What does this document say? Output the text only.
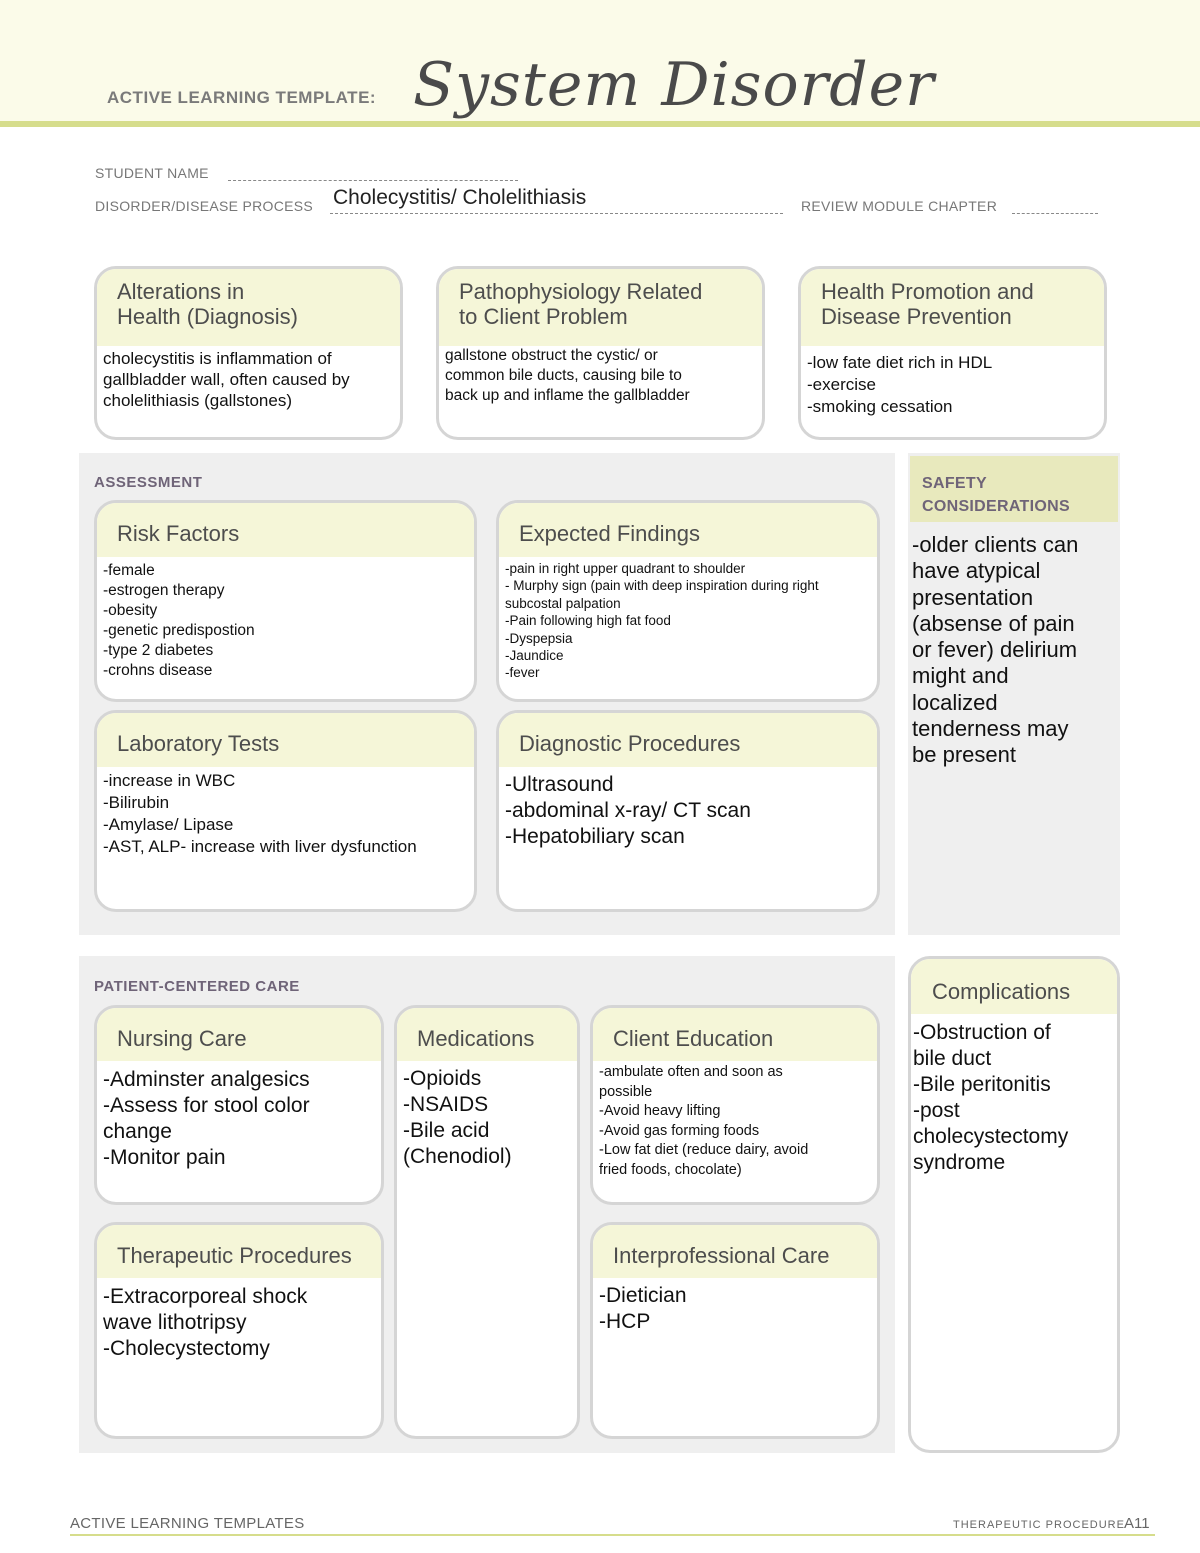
ACTIVE LEARNING TEMPLATE: System Disorder
STUDENT NAME
DISORDER/DISEASE PROCESS Cholecystitis/ Cholelithiasis	REVIEW MODULE CHAPTER
Alterations in
Health (Diagnosis)
cholecystitis is inflammation of
gallbladder wall, often caused by
cholelithiasis (gallstones)
Pathophysiology Related
to Client Problem
gallstone obstruct the cystic/ or
common bile ducts, causing bile to
back up and inflame the gallbladder
Health Promotion and
Disease Prevention
-low fate diet rich in HDL
-exercise
-smoking cessation
ASSESSMENT
Risk Factors
-female
-estrogen therapy
-obesity
-genetic predispostion
-type 2 diabetes
-crohns disease
Expected Findings
-pain in right upper quadrant to shoulder
- Murphy sign (pain with deep inspiration during right
subcostal palpation
-Pain following high fat food
-Dyspepsia
-Jaundice
-fever
Laboratory Tests
-increase in WBC
-Bilirubin
-Amylase/ Lipase
-AST, ALP- increase with liver dysfunction
Diagnostic Procedures
-Ultrasound
-abdominal x-ray/ CT scan
-Hepatobiliary scan
SAFETY
CONSIDERATIONS
-older clients can
have atypical
presentation
(absense of pain
or fever) delirium
might and
localized
tenderness may
be present
PATIENT-CENTERED CARE
Nursing Care
-Adminster analgesics
-Assess for stool color
change
-Monitor pain
Medications
-Opioids
-NSAIDS
-Bile acid
(Chenodiol)
Client Education
-ambulate often and soon as
possible
-Avoid heavy lifting
-Avoid gas forming foods
-Low fat diet (reduce dairy, avoid
fried foods, chocolate)
Therapeutic Procedures
-Extracorporeal shock
wave lithotripsy
-Cholecystectomy
Interprofessional Care
-Dietician
-HCP
Complications
-Obstruction of
bile duct
-Bile peritonitis
-post
cholecystectomy
syndrome
ACTIVE LEARNING TEMPLATES	THERAPEUTIC PROCEDURE A11
